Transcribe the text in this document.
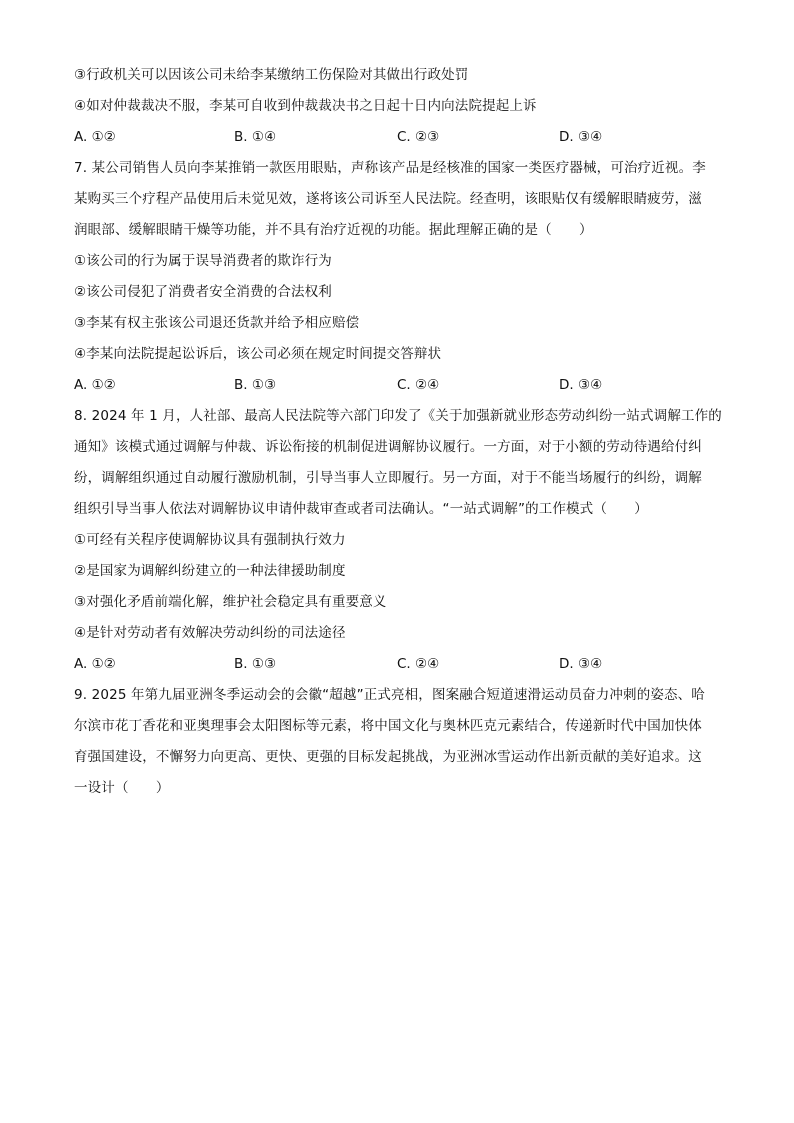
③行政机关可以因该公司未给李某缴纳工伤保险对其做出行政处罚
④如对仲裁裁决不服，李某可自收到仲裁裁决书之日起十日内向法院提起上诉
A. ①②	B. ①④	C. ②③	D. ③④
7. 某公司销售人员向李某推销一款医用眼贴，声称该产品是经核准的国家一类医疗器械，可治疗近视。李
某购买三个疗程产品使用后未觉见效，遂将该公司诉至人民法院。经查明，该眼贴仅有缓解眼睛疲劳，滋
润眼部、缓解眼睛干燥等功能，并不具有治疗近视的功能。据此理解正确的是（　　）
①该公司的行为属于误导消费者的欺诈行为
②该公司侵犯了消费者安全消费的合法权利
③李某有权主张该公司退还货款并给予相应赔偿
④李某向法院提起讼诉后，该公司必须在规定时间提交答辩状
A. ①②	B. ①③	C. ②④	D. ③④
8. 2024 年 1 月，人社部、最高人民法院等六部门印发了《关于加强新就业形态劳动纠纷一站式调解工作的
通知》该模式通过调解与仲裁、诉讼衔接的机制促进调解协议履行。一方面，对于小额的劳动待遇给付纠
纷，调解组织通过自动履行激励机制，引导当事人立即履行。另一方面，对于不能当场履行的纠纷，调解
组织引导当事人依法对调解协议申请仲裁审查或者司法确认。“一站式调解”的工作模式（　　）
①可经有关程序使调解协议具有强制执行效力
②是国家为调解纠纷建立的一种法律援助制度
③对强化矛盾前端化解，维护社会稳定具有重要意义
④是针对劳动者有效解决劳动纠纷的司法途径
A. ①②	B. ①③	C. ②④	D. ③④
9. 2025 年第九届亚洲冬季运动会的会徽“超越”正式亮相，图案融合短道速滑运动员奋力冲刺的姿态、哈
尔滨市花丁香花和亚奥理事会太阳图标等元素，将中国文化与奥林匹克元素结合，传递新时代中国加快体
育强国建设，不懈努力向更高、更快、更强的目标发起挑战，为亚洲冰雪运动作出新贡献的美好追求。这
一设计（　　）
